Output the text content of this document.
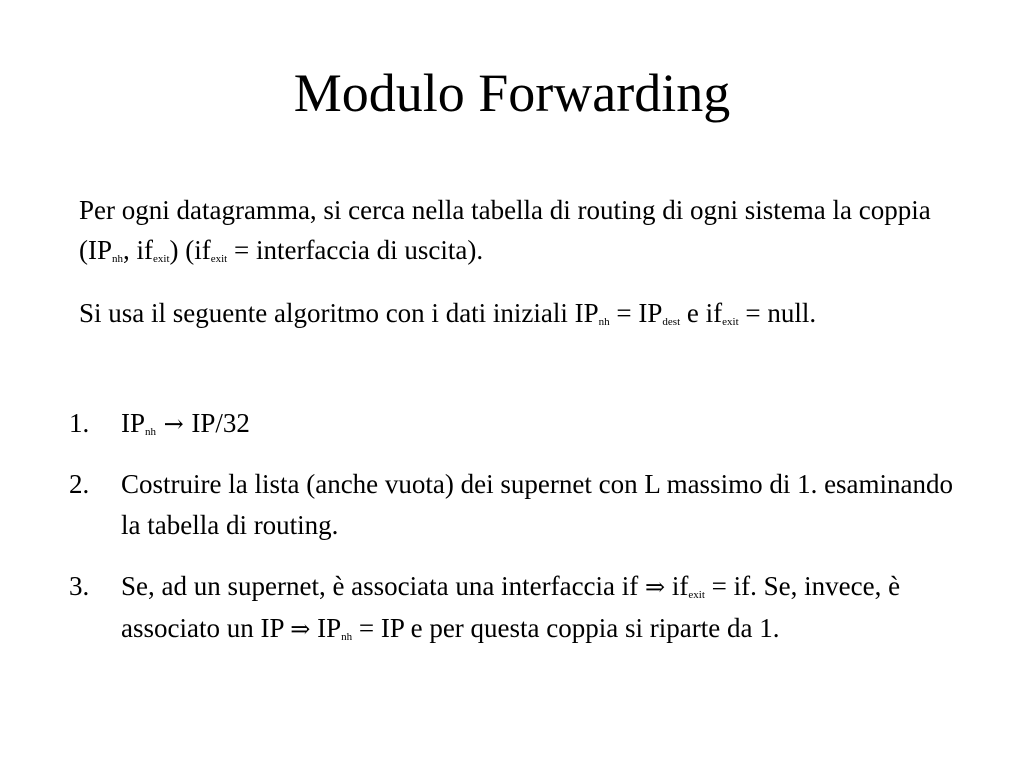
Modulo Forwarding

Per ogni datagramma, si cerca nella tabella di routing di ogni sistema la coppia (IPnh, ifexit) (ifexit = interfaccia di uscita).

Si usa il seguente algoritmo con i dati iniziali IPnh = IPdest e ifexit = null.

1. IPnh → IP/32
2. Costruire la lista (anche vuota) dei supernet con L massimo di 1. esaminando la tabella di routing.
3. Se, ad un supernet, è associata una interfaccia if ⇒ ifexit = if. Se, invece, è associato un IP ⇒ IPnh = IP e per questa coppia si riparte da 1.
